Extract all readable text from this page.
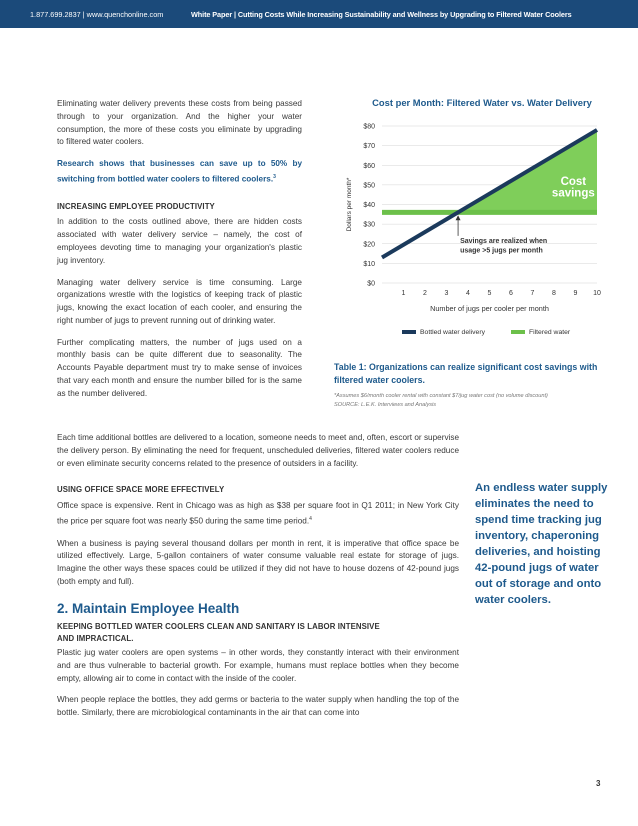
1.877.699.2837 | www.quenchonline.com	White Paper | Cutting Costs While Increasing Sustainability and Wellness by Upgrading to Filtered Water Coolers

Eliminating water delivery prevents these costs from being passed through to your organization. And the higher your water consumption, the more of these costs you eliminate by upgrading to filtered water coolers.

Research shows that businesses can save up to 50% by switching from bottled water coolers to filtered coolers.$^3$

INCREASING EMPLOYEE PRODUCTIVITY

In addition to the costs outlined above, there are hidden costs associated with water delivery service – namely, the cost of employees devoting time to managing your organization's plastic jug inventory.

Managing water delivery service is time consuming. Large organizations wrestle with the logistics of keeping track of plastic jugs, knowing the exact location of each cooler, and ensuring the right number of jugs to prevent running out of drinking water.

Further complicating matters, the number of jugs used on a monthly basis can be quite different due to seasonality. The Accounts Payable department must try to make sense of invoices that vary each month and ensure the number billed for is the same as the number delivered.

Cost per Month: Filtered Water vs. Water Delivery
$0
$10
$20
$30
$40
$50
$60
$70
$80
1	2	3	4	5	6	7	8	9 10
Dollars per month*
Number of jugs per cooler per month
Cost
savings
Savings are realized when
usage >5 jugs per month
Bottled water delivery	Filtered water
Table 1: Organizations can realize significant cost savings with filtered water coolers.
*Assumes $6/month cooler rental with constant $7/jug water cost (no volume discount)
SOURCE: L.E.K. Interviews and Analysis

Each time additional bottles are delivered to a location, someone needs to meet and, often, escort or supervise the delivery person. By eliminating the need for frequent, unscheduled deliveries, filtered water coolers reduce or even eliminate security concerns related to the presence of outsiders in a facility.

USING OFFICE SPACE MORE EFFECTIVELY

Office space is expensive. Rent in Chicago was as high as $38 per square foot in Q1 2011; in New York City the price per square foot was nearly $50 during the same time period.$^4$

When a business is paying several thousand dollars per month in rent, it is imperative that office space be utilized effectively. Large, 5-gallon containers of water consume valuable real estate for storage of jugs. Imagine the other ways these spaces could be utilized if they did not have to house dozens of 42-pound jugs (both empty and full).

2. Maintain Employee Health
KEEPING BOTTLED WATER COOLERS CLEAN AND SANITARY IS LABOR INTENSIVE
AND IMPRACTICAL.

Plastic jug water coolers are open systems – in other words, they constantly interact with their environment and are thus vulnerable to bacterial growth. For example, humans must replace bottles when they become empty, allowing air to come in contact with the inside of the cooler.

When people replace the bottles, they add germs or bacteria to the water supply when handling the top of the bottle. Similarly, there are microbiological contaminants in the air that can come into

An endless water supply eliminates the need to spend time tracking jug inventory, chaperoning deliveries, and hoisting 42-pound jugs of water out of storage and onto water coolers.
3
